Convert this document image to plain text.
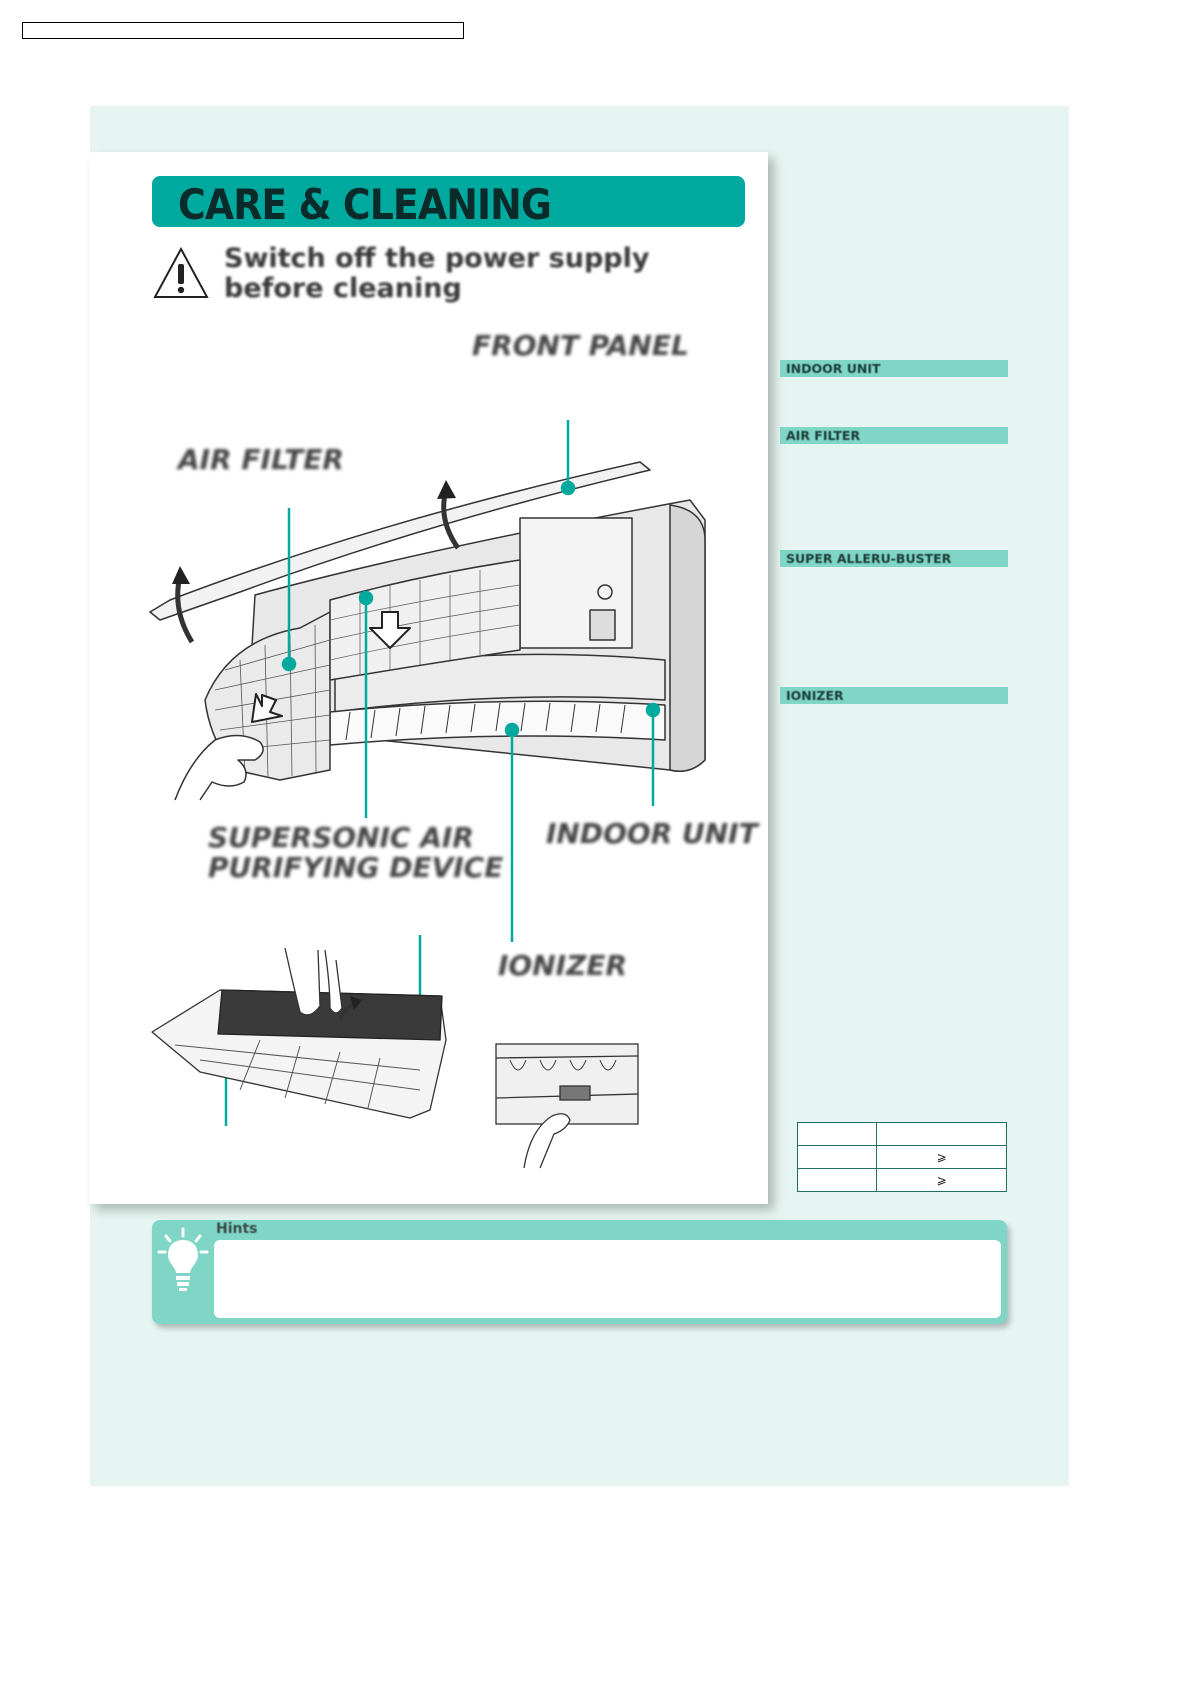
CARE & CLEANING
Switch off the power supply
before cleaning
FRONT PANEL
AIR FILTER
SUPERSONIC AIR
PURIFYING DEVICE
INDOOR UNIT
IONIZER
INDOOR UNIT
AIR FILTER
SUPER ALLERU-BUSTER
IONIZER

	⩾
	⩾
Hints
